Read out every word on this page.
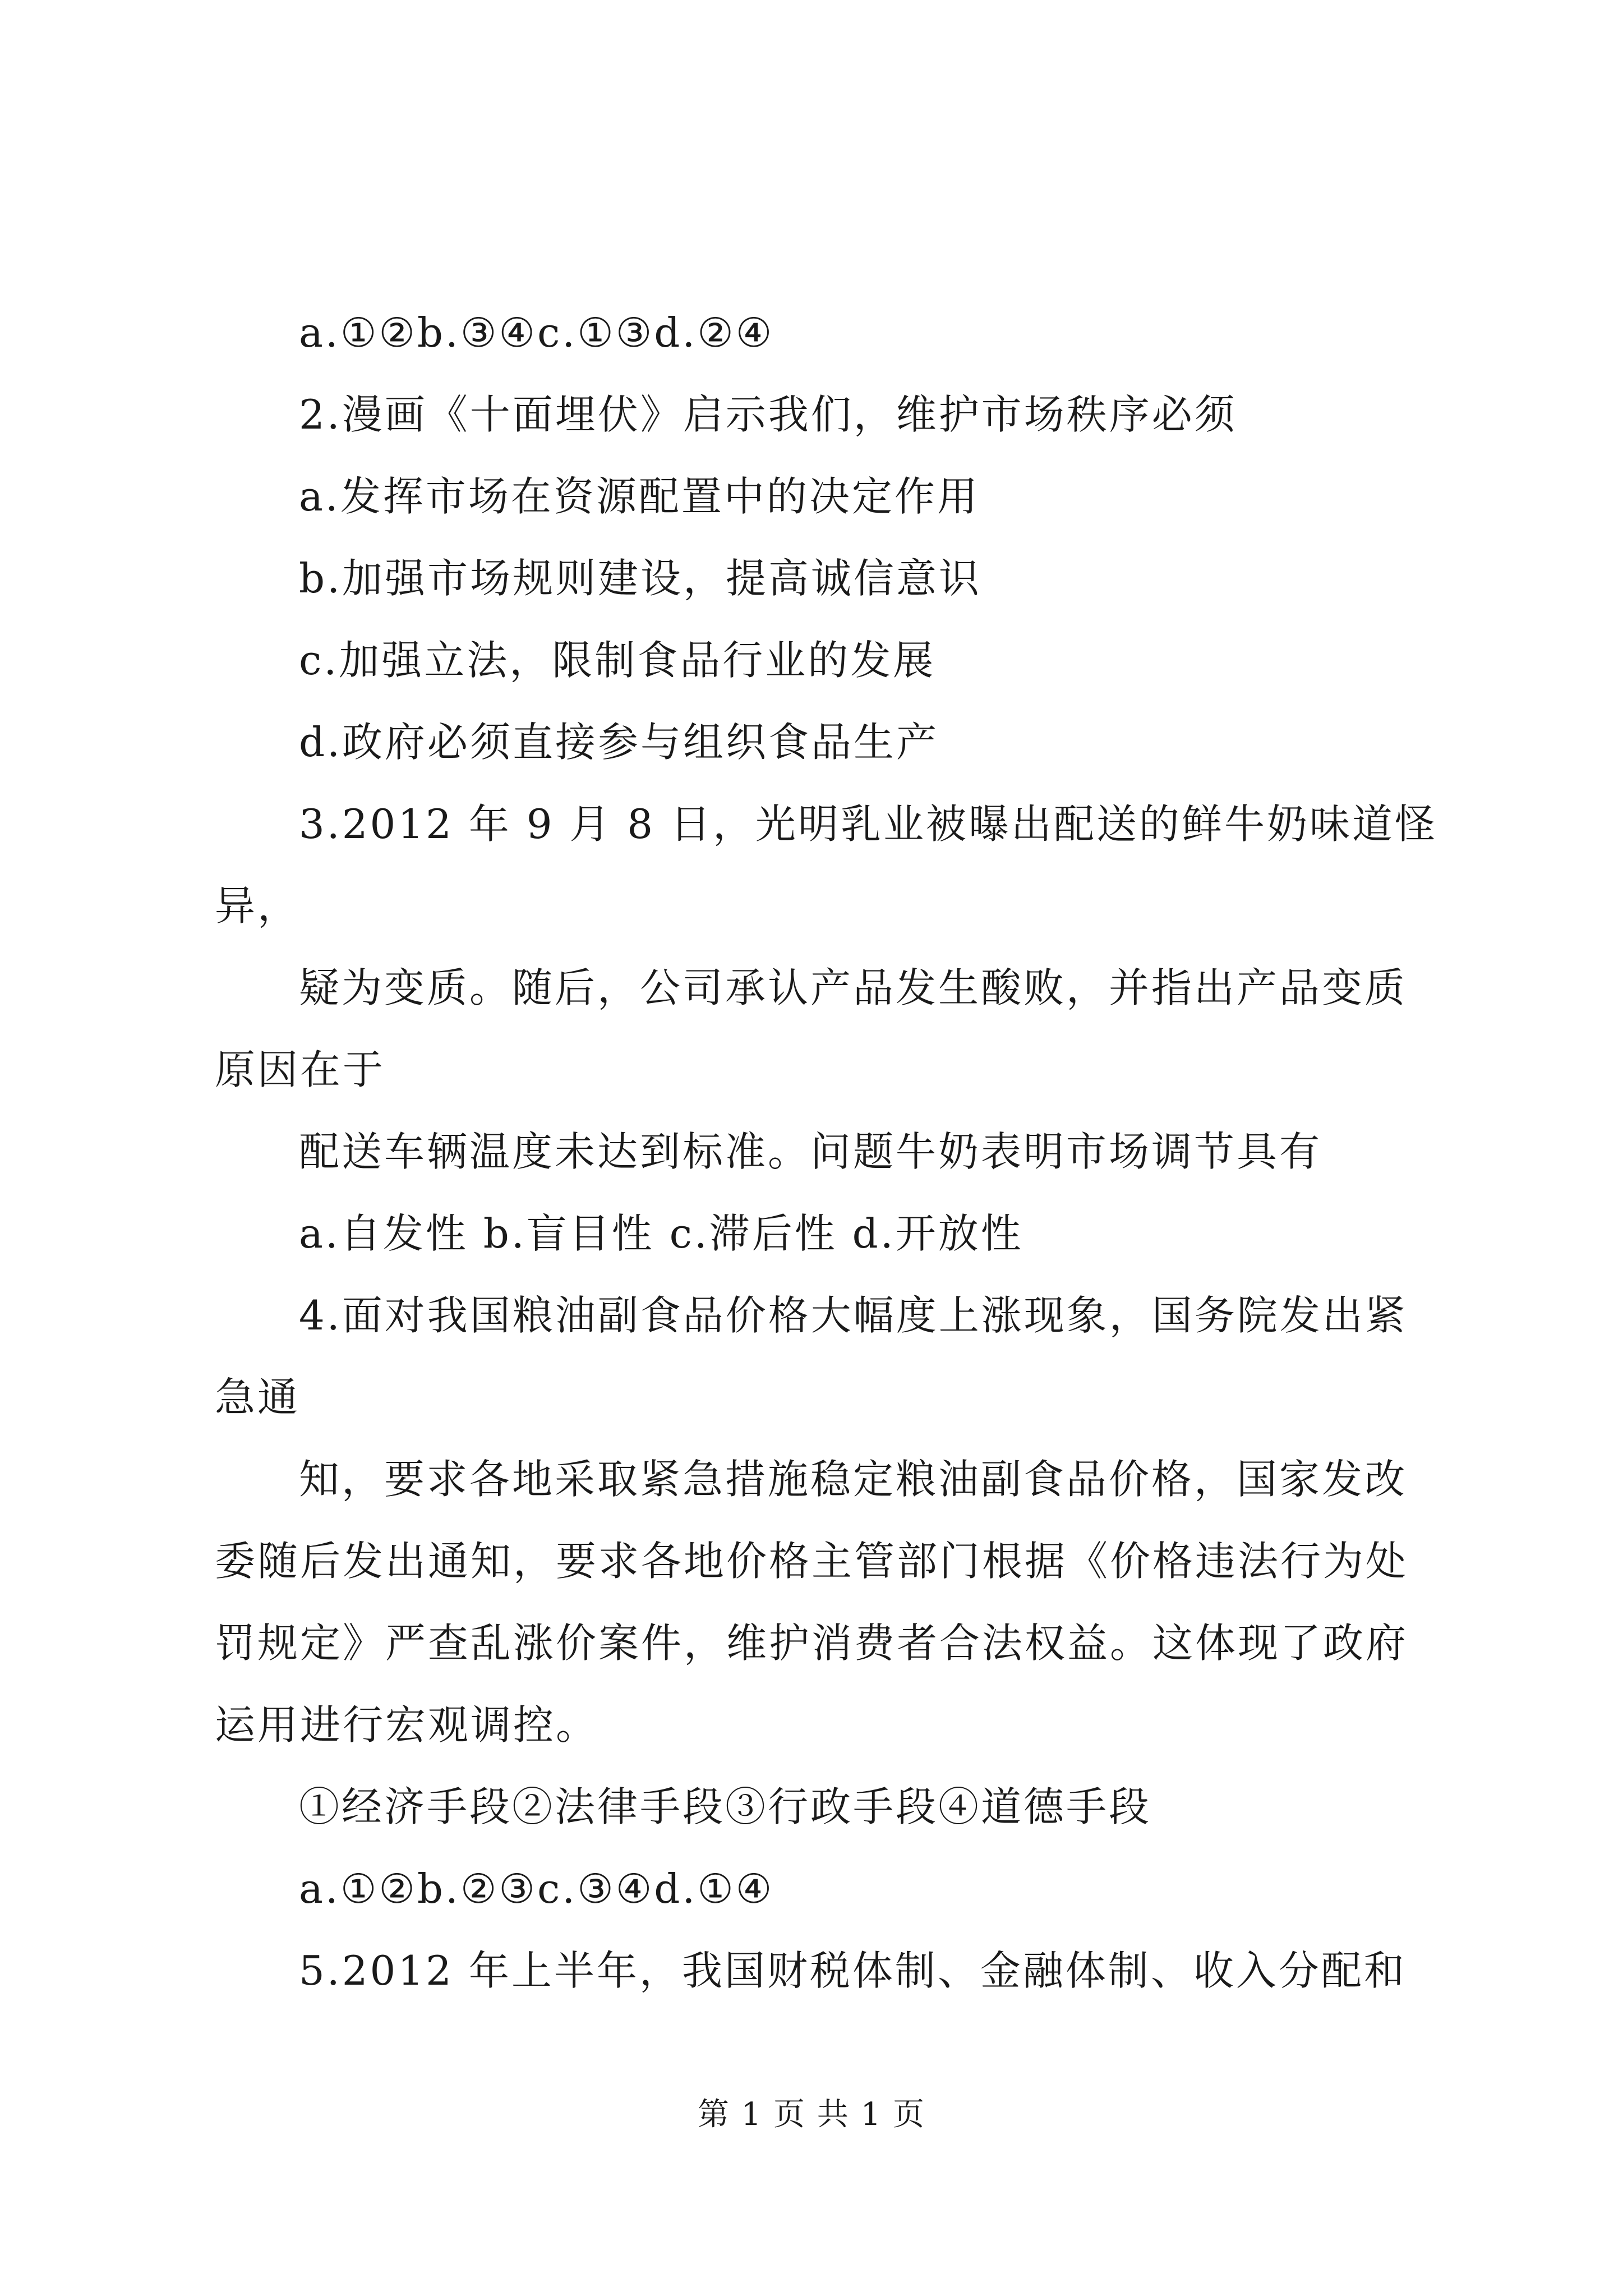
a.①②b.③④c.①③d.②④
2.漫画《十面埋伏》启示我们，维护市场秩序必须
a.发挥市场在资源配置中的决定作用
b.加强市场规则建设，提高诚信意识
c.加强立法，限制食品行业的发展
d.政府必须直接参与组织食品生产
3.2012 年 9 月 8 日，光明乳业被曝出配送的鲜牛奶味道怪
异，
疑为变质。随后，公司承认产品发生酸败，并指出产品变质
原因在于
配送车辆温度未达到标准。问题牛奶表明市场调节具有
a.自发性 b.盲目性 c.滞后性 d.开放性
4.面对我国粮油副食品价格大幅度上涨现象，国务院发出紧
急通
知，要求各地采取紧急措施稳定粮油副食品价格，国家发改
委随后发出通知，要求各地价格主管部门根据《价格违法行为处
罚规定》严查乱涨价案件，维护消费者合法权益。这体现了政府
运用进行宏观调控。
①经济手段②法律手段③行政手段④道德手段
a.①②b.②③c.③④d.①④
5.2012 年上半年，我国财税体制、金融体制、收入分配和
第 1 页 共 1 页
